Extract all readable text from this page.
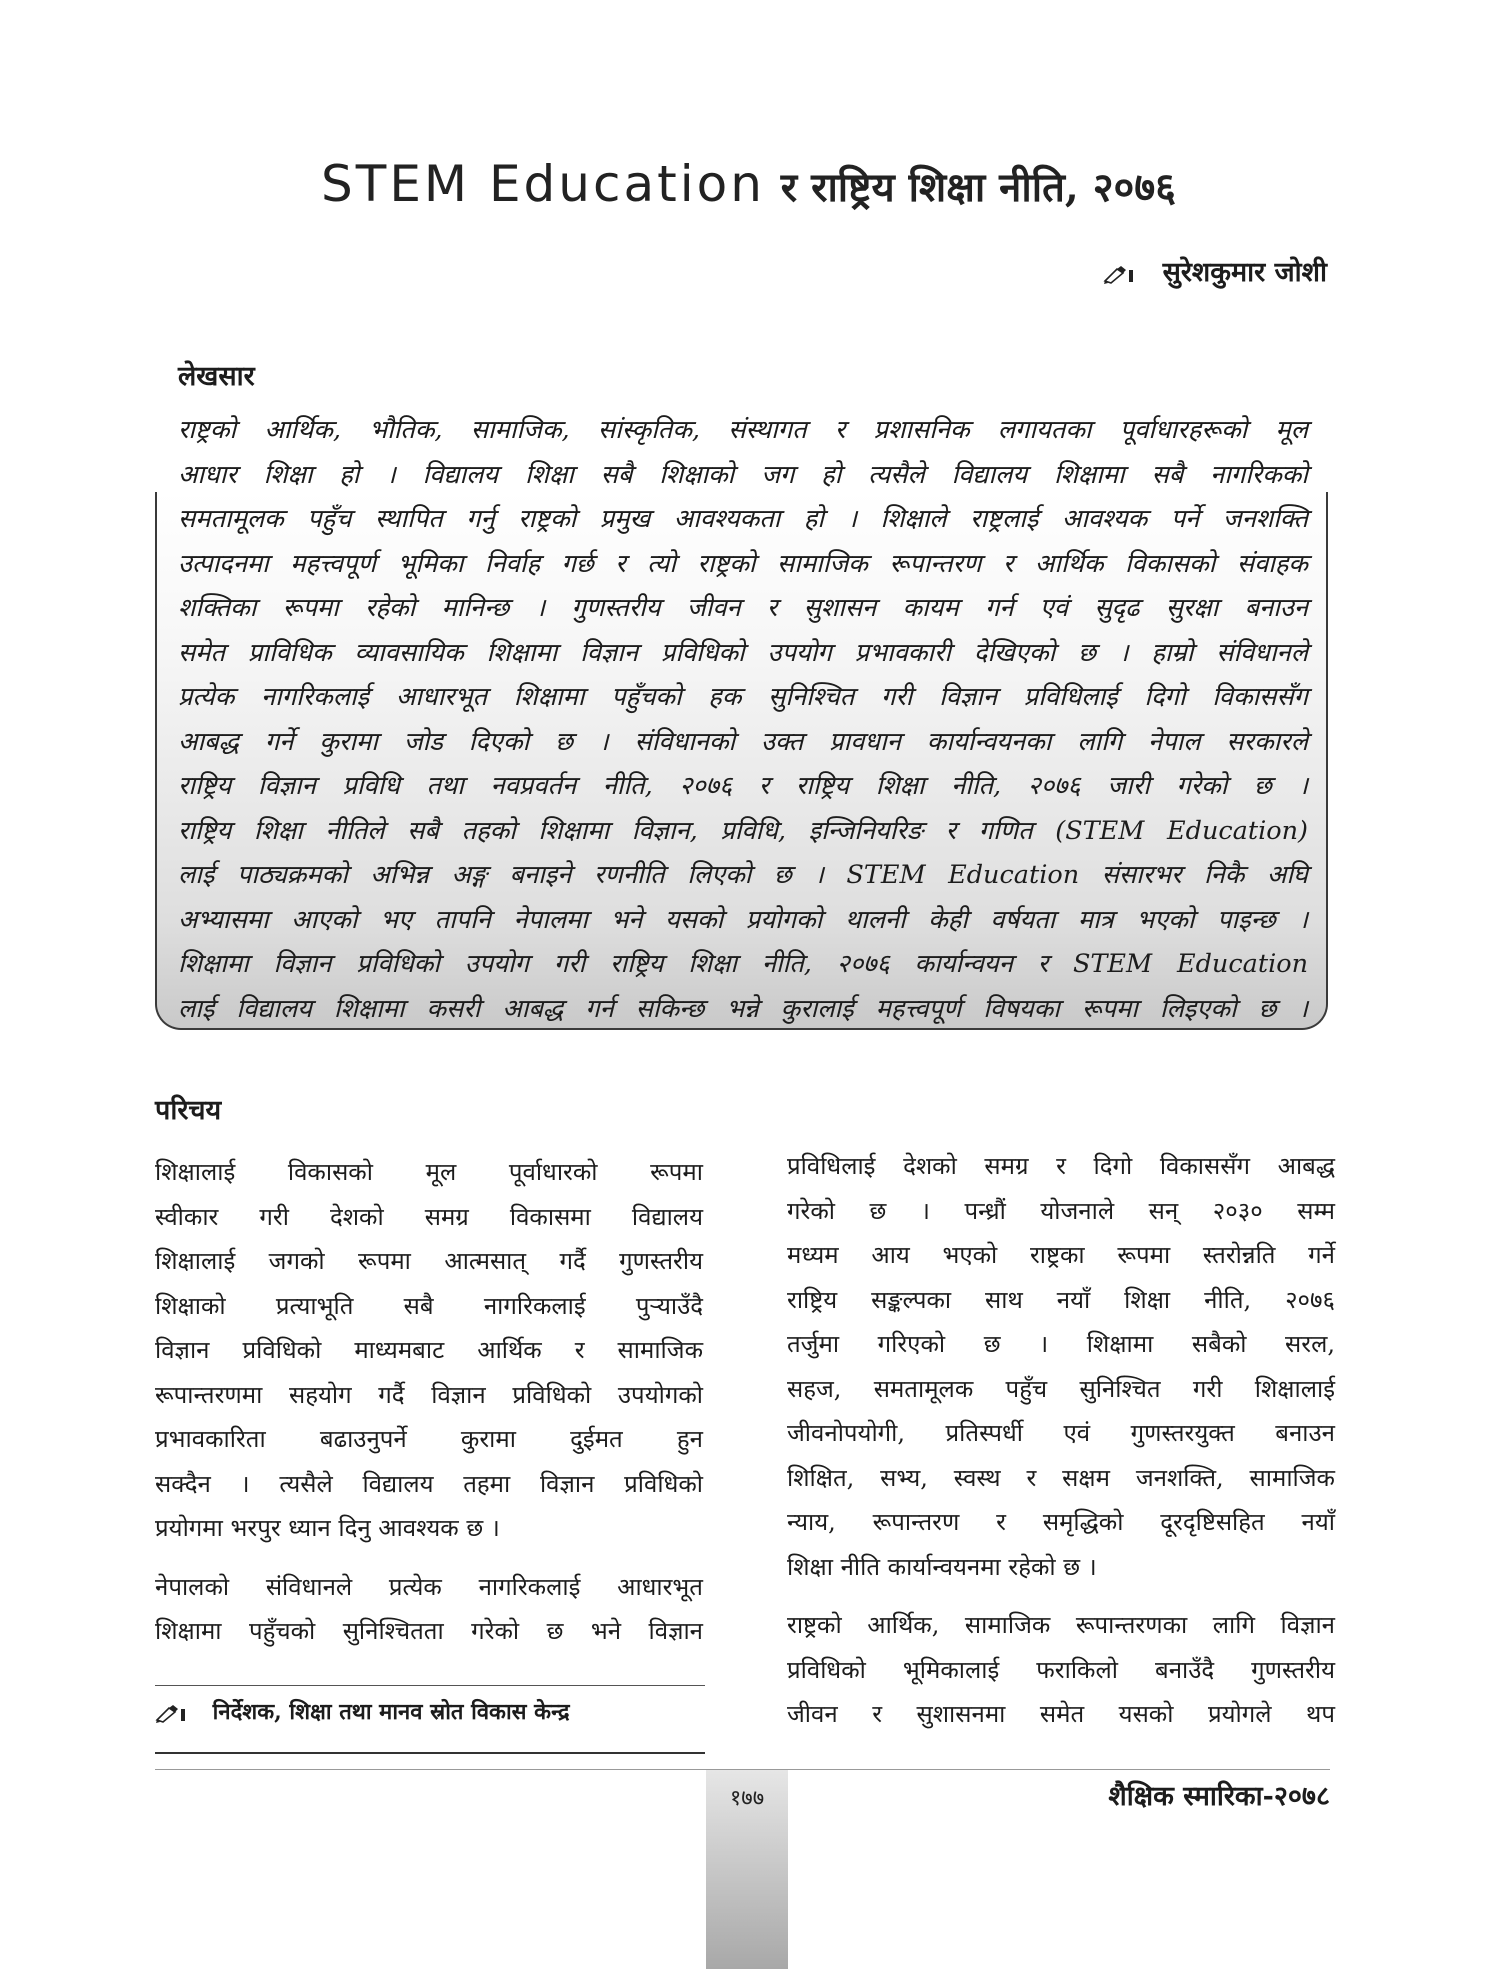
STEM Education र राष्ट्रिय शिक्षा नीति, २०७६
सुरेशकुमार जोशी
लेखसार
राष्ट्रको आर्थिक, भौतिक, सामाजिक, सांस्कृतिक, संस्थागत र प्रशासनिक लगायतका पूर्वाधारहरूको मूल
आधार शिक्षा हो । विद्यालय शिक्षा सबै शिक्षाको जग हो त्यसैले विद्यालय शिक्षामा सबै नागरिकको
समतामूलक पहुँच स्थापित गर्नु राष्ट्रको प्रमुख आवश्यकता हो । शिक्षाले राष्ट्रलाई आवश्यक पर्ने जनशक्ति
उत्पादनमा महत्त्वपूर्ण भूमिका निर्वाह गर्छ र त्यो राष्ट्रको सामाजिक रूपान्तरण र आर्थिक विकासको संवाहक
शक्तिका रूपमा रहेको मानिन्छ । गुणस्तरीय जीवन र सुशासन कायम गर्न एवं सुदृढ सुरक्षा बनाउन
समेत प्राविधिक व्यावसायिक शिक्षामा विज्ञान प्रविधिको उपयोग प्रभावकारी देखिएको छ । हाम्रो संविधानले
प्रत्येक नागरिकलाई आधारभूत शिक्षामा पहुँचको हक सुनिश्चित गरी विज्ञान प्रविधिलाई दिगो विकाससँग
आबद्ध गर्ने कुरामा जोड दिएको छ । संविधानको उक्त प्रावधान कार्यान्वयनका लागि नेपाल सरकारले
राष्ट्रिय विज्ञान प्रविधि तथा नवप्रवर्तन नीति, २०७६ र राष्ट्रिय शिक्षा नीति, २०७६ जारी गरेको छ ।
राष्ट्रिय शिक्षा नीतिले सबै तहको शिक्षामा विज्ञान, प्रविधि, इन्जिनियरिङ र गणित (STEM Education)
लाई पाठ्यक्रमको अभिन्न अङ्ग बनाइने रणनीति लिएको छ । STEM Education संसारभर निकै अघि
अभ्यासमा आएको भए तापनि नेपालमा भने यसको प्रयोगको थालनी केही वर्षयता मात्र भएको पाइन्छ ।
शिक्षामा विज्ञान प्रविधिको उपयोग गरी राष्ट्रिय शिक्षा नीति, २०७६ कार्यान्वयन र STEM Education
लाई विद्यालय शिक्षामा कसरी आबद्ध गर्न सकिन्छ भन्ने कुरालाई महत्त्वपूर्ण विषयका रूपमा लिइएको छ ।
परिचय

शिक्षालाई विकासको मूल पूर्वाधारको रूपमा
स्वीकार गरी देशको समग्र विकासमा विद्यालय
शिक्षालाई जगको रूपमा आत्मसात् गर्दै गुणस्तरीय
शिक्षाको प्रत्याभूति सबै नागरिकलाई पुऱ्याउँदै
विज्ञान प्रविधिको माध्यमबाट आर्थिक र सामाजिक
रूपान्तरणमा सहयोग गर्दै विज्ञान प्रविधिको उपयोगको
प्रभावकारिता बढाउनुपर्ने कुरामा दुईमत हुन
सक्दैन । त्यसैले विद्यालय तहमा विज्ञान प्रविधिको
प्रयोगमा भरपुर ध्यान दिनु आवश्यक छ ।

नेपालको संविधानले प्रत्येक नागरिकलाई आधारभूत
शिक्षामा पहुँचको सुनिश्चितता गरेको छ भने विज्ञान

प्रविधिलाई देशको समग्र र दिगो विकाससँग आबद्ध
गरेको छ । पन्ध्रौं योजनाले सन् २०३० सम्म
मध्यम आय भएको राष्ट्रका रूपमा स्तरोन्नति गर्ने
राष्ट्रिय सङ्कल्पका साथ नयाँ शिक्षा नीति, २०७६
तर्जुमा गरिएको छ । शिक्षामा सबैको सरल,
सहज, समतामूलक पहुँच सुनिश्चित गरी शिक्षालाई
जीवनोपयोगी, प्रतिस्पर्धी एवं गुणस्तरयुक्त बनाउन
शिक्षित, सभ्य, स्वस्थ र सक्षम जनशक्ति, सामाजिक
न्याय, रूपान्तरण र समृद्धिको दूरदृष्टिसहित नयाँ
शिक्षा नीति कार्यान्वयनमा रहेको छ ।

राष्ट्रको आर्थिक, सामाजिक रूपान्तरणका लागि विज्ञान
प्रविधिको भूमिकालाई फराकिलो बनाउँदै गुणस्तरीय
जीवन र सुशासनमा समेत यसको प्रयोगले थप

निर्देशक, शिक्षा तथा मानव स्रोत विकास केन्द्र
१७७	शैक्षिक स्मारिका-२०७८
